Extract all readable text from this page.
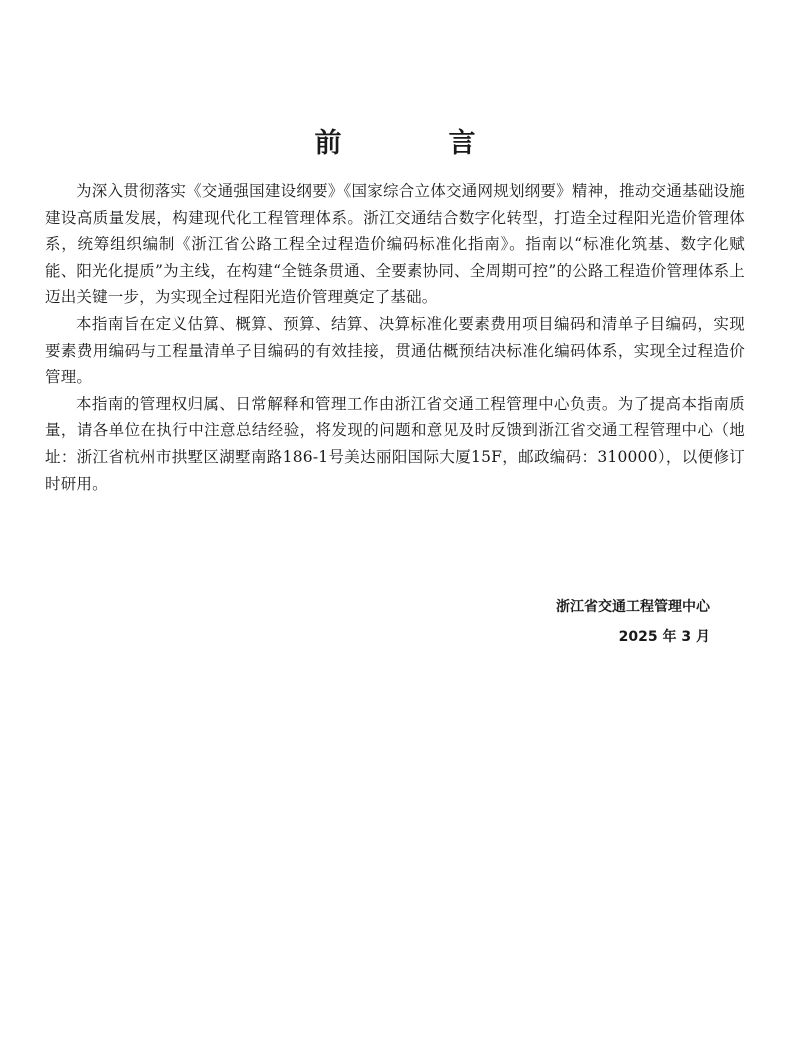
前　言

为深入贯彻落实《交通强国建设纲要》《国家综合立体交通网规划纲要》精神，推动交通基础设施建设高质量发展，构建现代化工程管理体系。浙江交通结合数字化转型，打造全过程阳光造价管理体系，统筹组织编制《浙江省公路工程全过程造价编码标准化指南》。指南以“标准化筑基、数字化赋能、阳光化提质”为主线，在构建“全链条贯通、全要素协同、全周期可控”的公路工程造价管理体系上迈出关键一步，为实现全过程阳光造价管理奠定了基础。

本指南旨在定义估算、概算、预算、结算、决算标准化要素费用项目编码和清单子目编码，实现要素费用编码与工程量清单子目编码的有效挂接，贯通估概预结决标准化编码体系，实现全过程造价管理。

本指南的管理权归属、日常解释和管理工作由浙江省交通工程管理中心负责。为了提高本指南质量，请各单位在执行中注意总结经验，将发现的问题和意见及时反馈到浙江省交通工程管理中心（地址：浙江省杭州市拱墅区湖墅南路186-1号美达丽阳国际大厦15F，邮政编码：310000），以便修订时研用。

浙江省交通工程管理中心
2025 年 3 月
